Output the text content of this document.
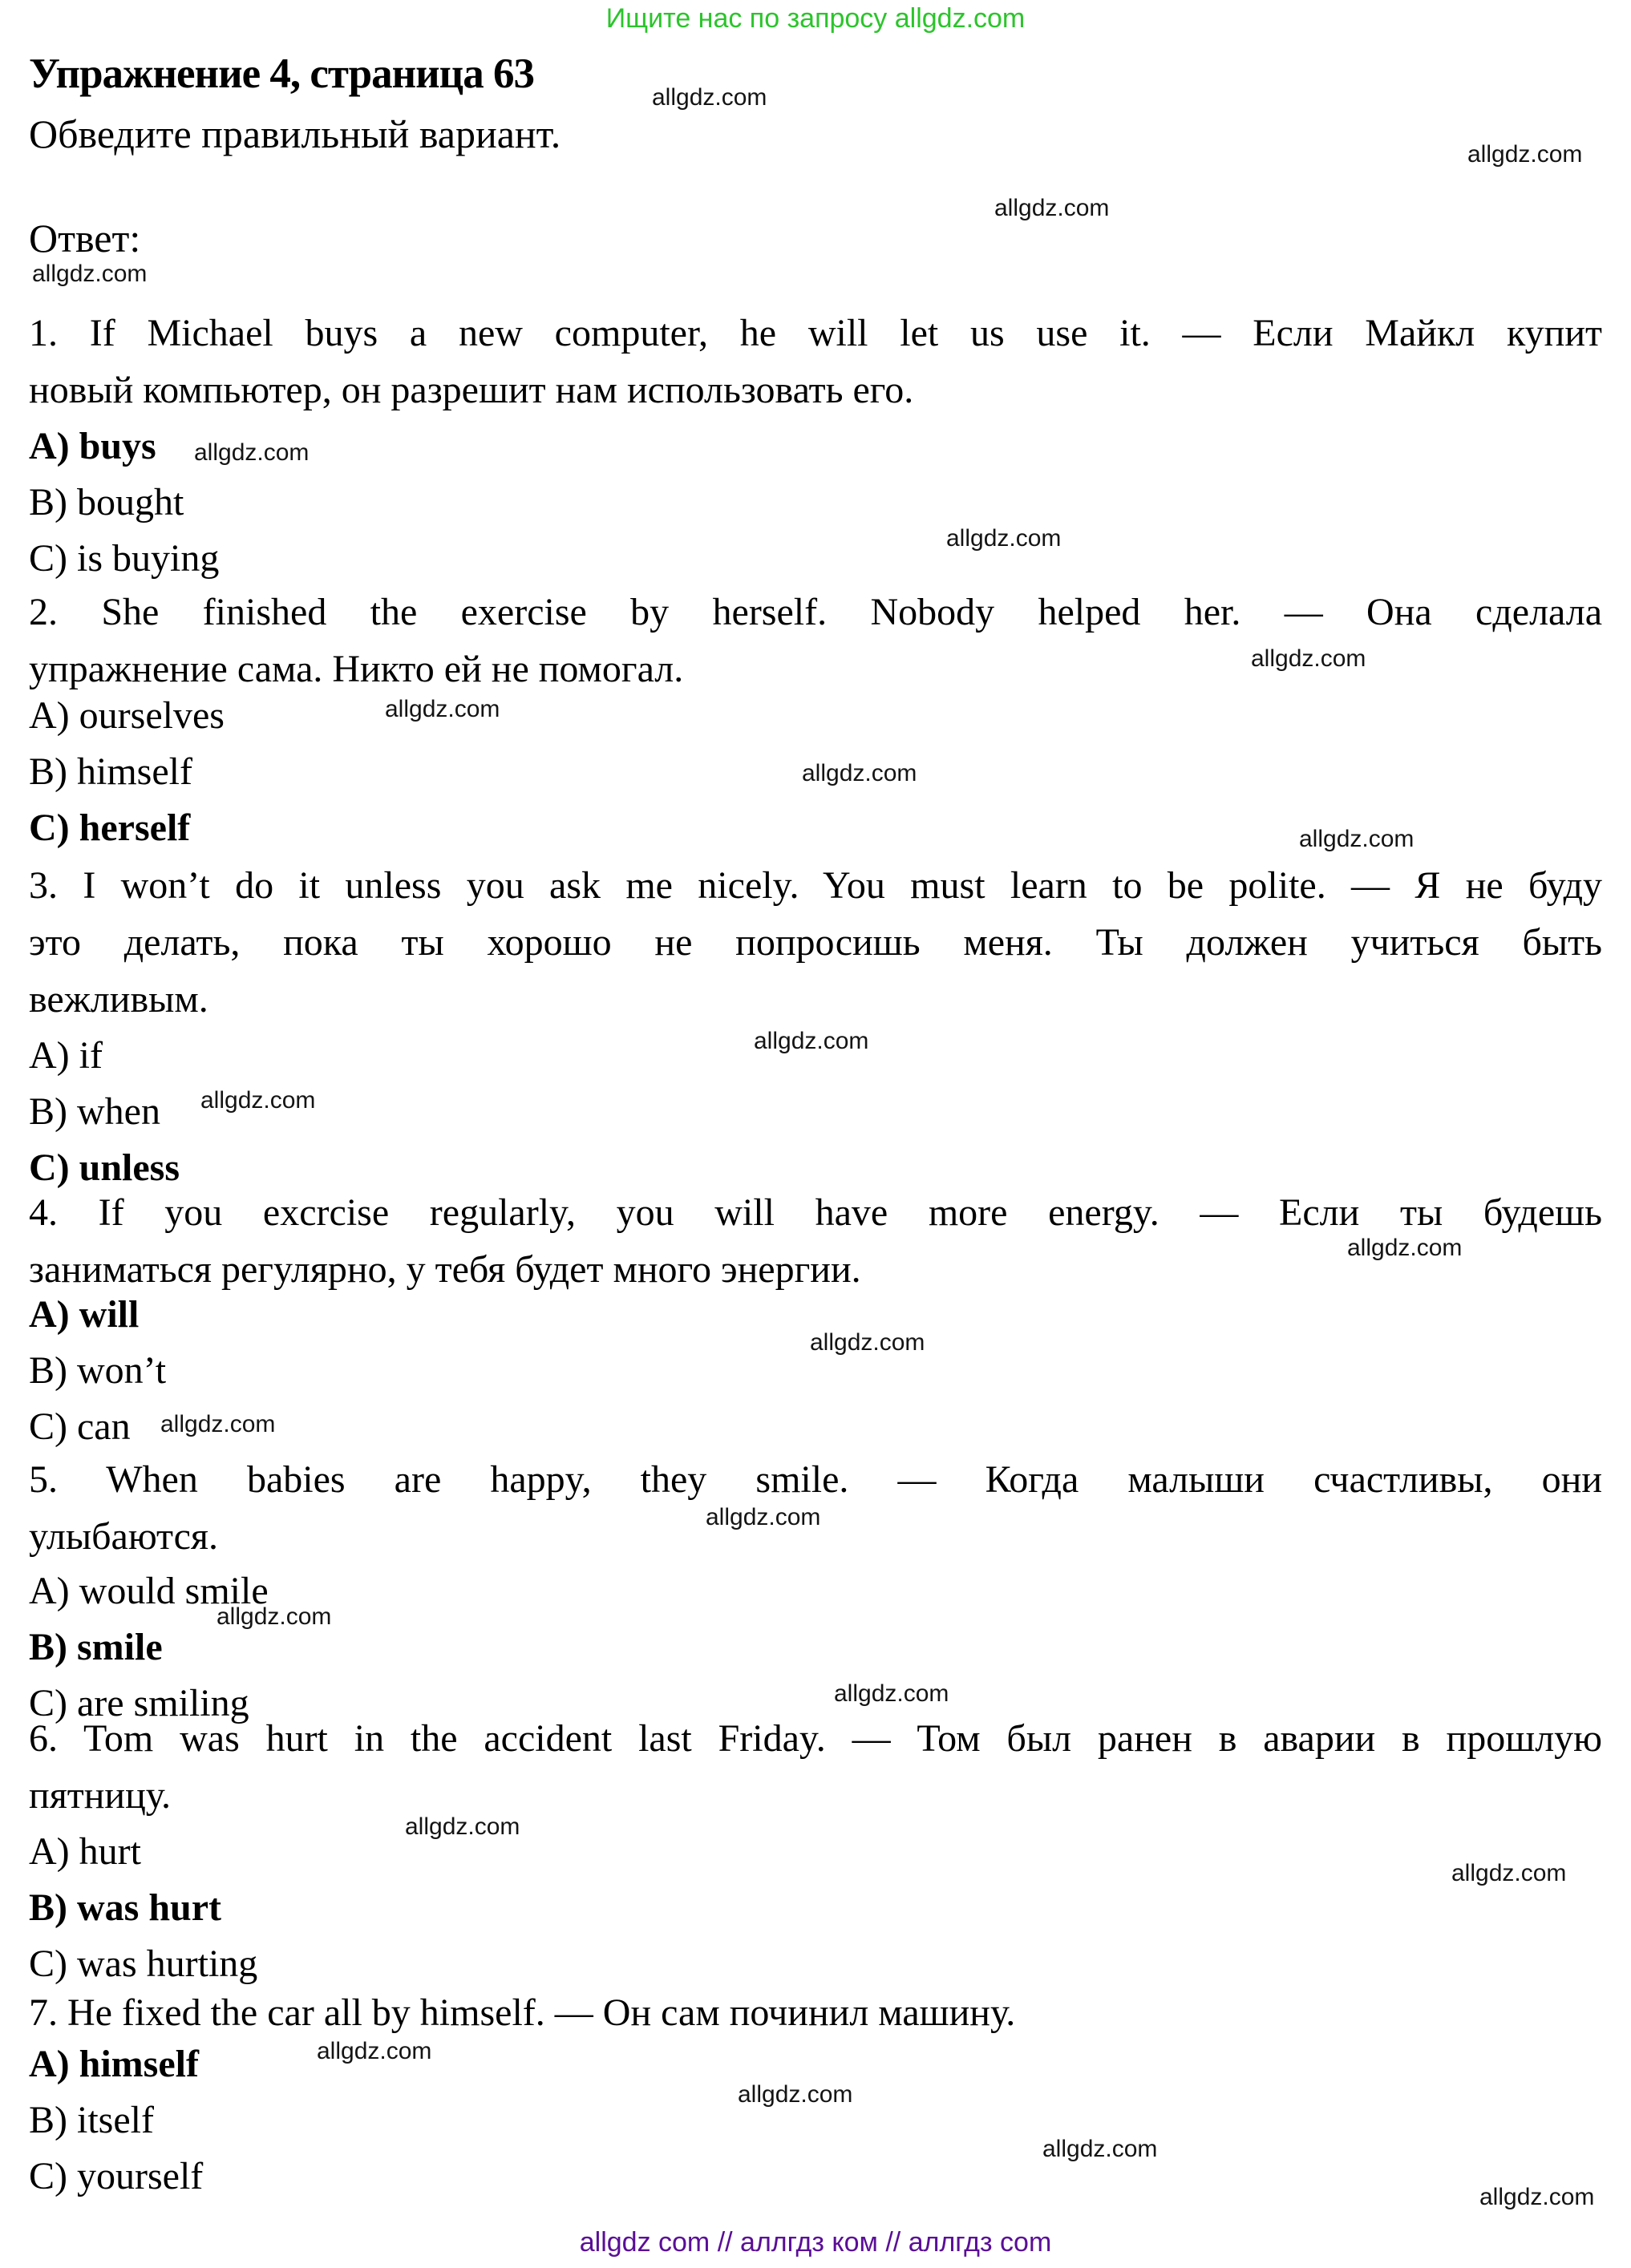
Ищите нас по запросу allgdz.com
Упражнение 4, страница 63
Обведите правильный вариант.
Ответ:
1. If Michael buys a new computer, he will let us use it. — Если Майкл купит
новый компьютер, он разрешит нам использовать его.
A) buys
B) bought
C) is buying
2. She finished the exercise by herself. Nobody helped her. — Она сделала
упражнение сама. Никто ей не помогал.
A) ourselves
B) himself
C) herself
3. I won’t do it unless you ask me nicely. You must learn to be polite. — Я не буду
это делать, пока ты хорошо не попросишь меня. Ты должен учиться быть
вежливым.
A) if
B) when
C) unless
4. If you excrcise regularly, you will have more energy. — Если ты будешь
заниматься регулярно, у тебя будет много энергии.
A) will
B) won’t
C) can
5. When babies are happy, they smile. — Когда малыши счастливы, они
улыбаются.
A) would smile
B) smile
C) are smiling
6. Tom was hurt in the accident last Friday. — Том был ранен в аварии в прошлую
пятницу.
A) hurt
B) was hurt
C) was hurting
7. He fixed the car all by himself. — Он сам починил машину.
A) himself
B) itself
C) yourself
allgdz.com
allgdz.com
allgdz.com
allgdz.com
allgdz.com
allgdz.com
allgdz.com
allgdz.com
allgdz.com
allgdz.com
allgdz.com
allgdz.com
allgdz.com
allgdz.com
allgdz.com
allgdz.com
allgdz.com
allgdz.com
allgdz.com
allgdz.com
allgdz.com
allgdz.com
allgdz.com
allgdz.com
allgdz com // аллгдз ком // аллгдз com
